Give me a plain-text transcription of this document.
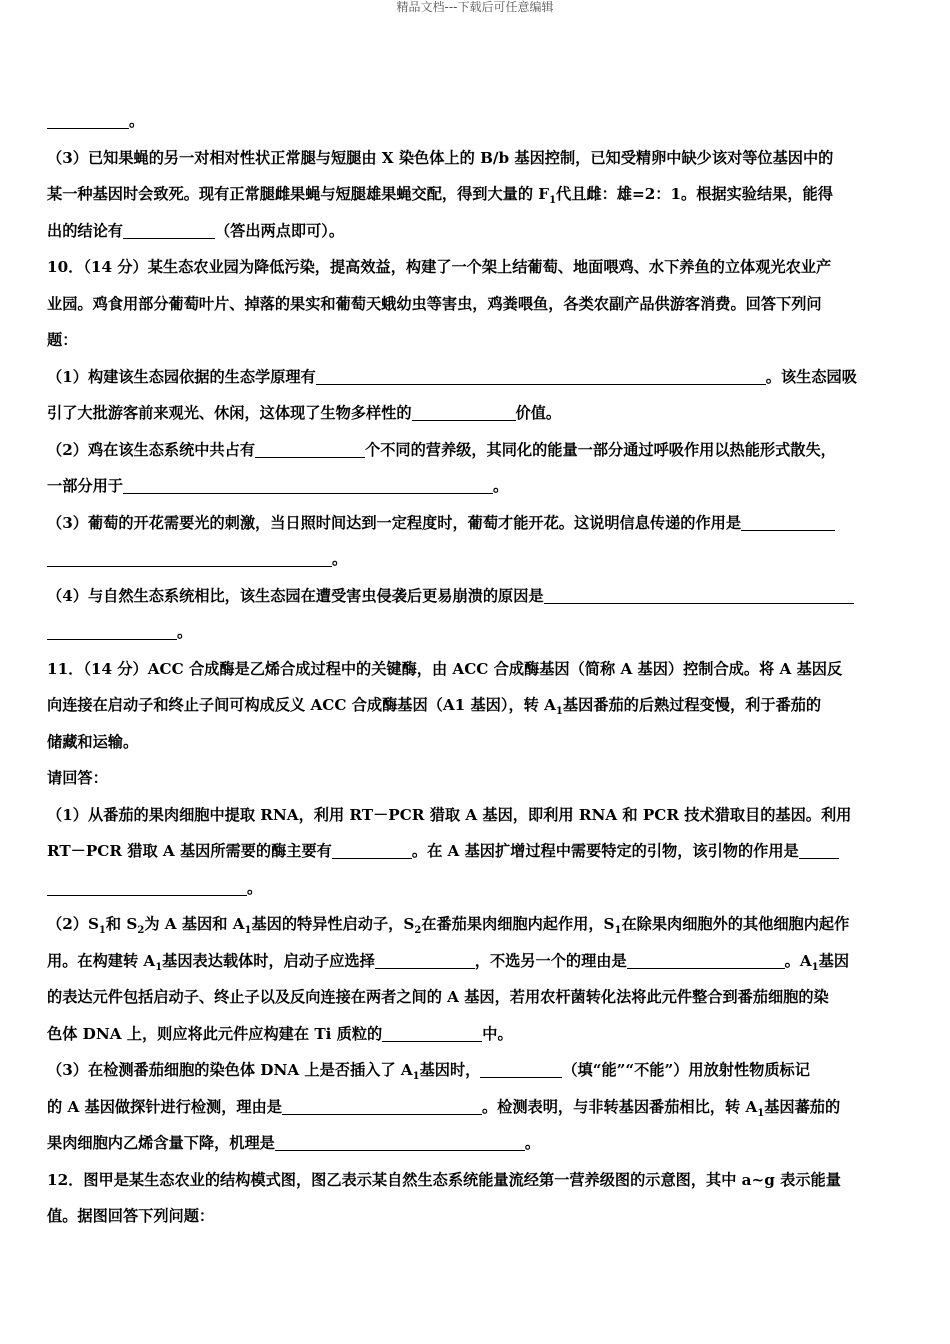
精品文档---下载后可任意编辑

。

（3）已知果蝇的另一对相对性状正常腿与短腿由 X 染色体上的 B/b 基因控制，已知受精卵中缺少该对等位基因中的

某一种基因时会致死。现有正常腿雌果蝇与短腿雄果蝇交配，得到大量的 $F_1$代且雌：雄=2：1。根据实验结果，能得

出的结论有	（答出两点即可）。

10．（14 分）某生态农业园为降低污染，提高效益，构建了一个架上结葡萄、地面喂鸡、水下养鱼的立体观光农业产

业园。鸡食用部分葡萄叶片、掉落的果实和葡萄天蛾幼虫等害虫，鸡粪喂鱼，各类农副产品供游客消费。回答下列问

题：

（1）构建该生态园依据的生态学原理有	。该生态园吸

引了大批游客前来观光、休闲，这体现了生物多样性的	价值。

（2）鸡在该生态系统中共占有	个不同的营养级，其同化的能量一部分通过呼吸作用以热能形式散失，

一部分用于	。

（3）葡萄的开花需要光的刺激，当日照时间达到一定程度时，葡萄才能开花。这说明信息传递的作用是

。

（4）与自然生态系统相比，该生态园在遭受害虫侵袭后更易崩溃的原因是

。

11．（14 分）ACC 合成酶是乙烯合成过程中的关键酶，由 ACC 合成酶基因（简称 A 基因）控制合成。将 A 基因反

向连接在启动子和终止子间可构成反义 ACC 合成酶基因（A1 基因），转 $A_1$基因番茄的后熟过程变慢，利于番茄的

储藏和运输。

请回答：

（1）从番茄的果肉细胞中提取 RNA，利用 RT－PCR 猎取 A 基因，即利用 RNA 和 PCR 技术猎取目的基因。利用

RT－PCR 猎取 A 基因所需要的酶主要有	。在 A 基因扩增过程中需要特定的引物，该引物的作用是

。

$(2)S_1$和 $S_2$为 A 基因和 $A_1$基因的特异性启动子，$S_2$在番茄果肉细胞内起作用，$S_1$在除果肉细胞外的其他细胞内起作

用。在构建转 $A_1$基因表达载体时，启动子应选择	，不选另一个的理由是	。$A_1$基因

的表达元件包括启动子、终止子以及反向连接在两者之间的 A 基因，若用农杆菌转化法将此元件整合到番茄细胞的染

色体 DNA 上，则应将此元件应构建在 Ti 质粒的	中。

（3）在检测番茄细胞的染色体 DNA 上是否插入了 $A_1$基因时，	（填“能”“不能”）用放射性物质标记

的 A 基因做探针进行检测，理由是	。检测表明，与非转基因番茄相比，转 $A_1$基因蕃茄的

果肉细胞内乙烯含量下降，机理是	。

12．图甲是某生态农业的结构模式图，图乙表示某自然生态系统能量流经第一营养级图的示意图，其中 a~g 表示能量

值。据图回答下列问题：
